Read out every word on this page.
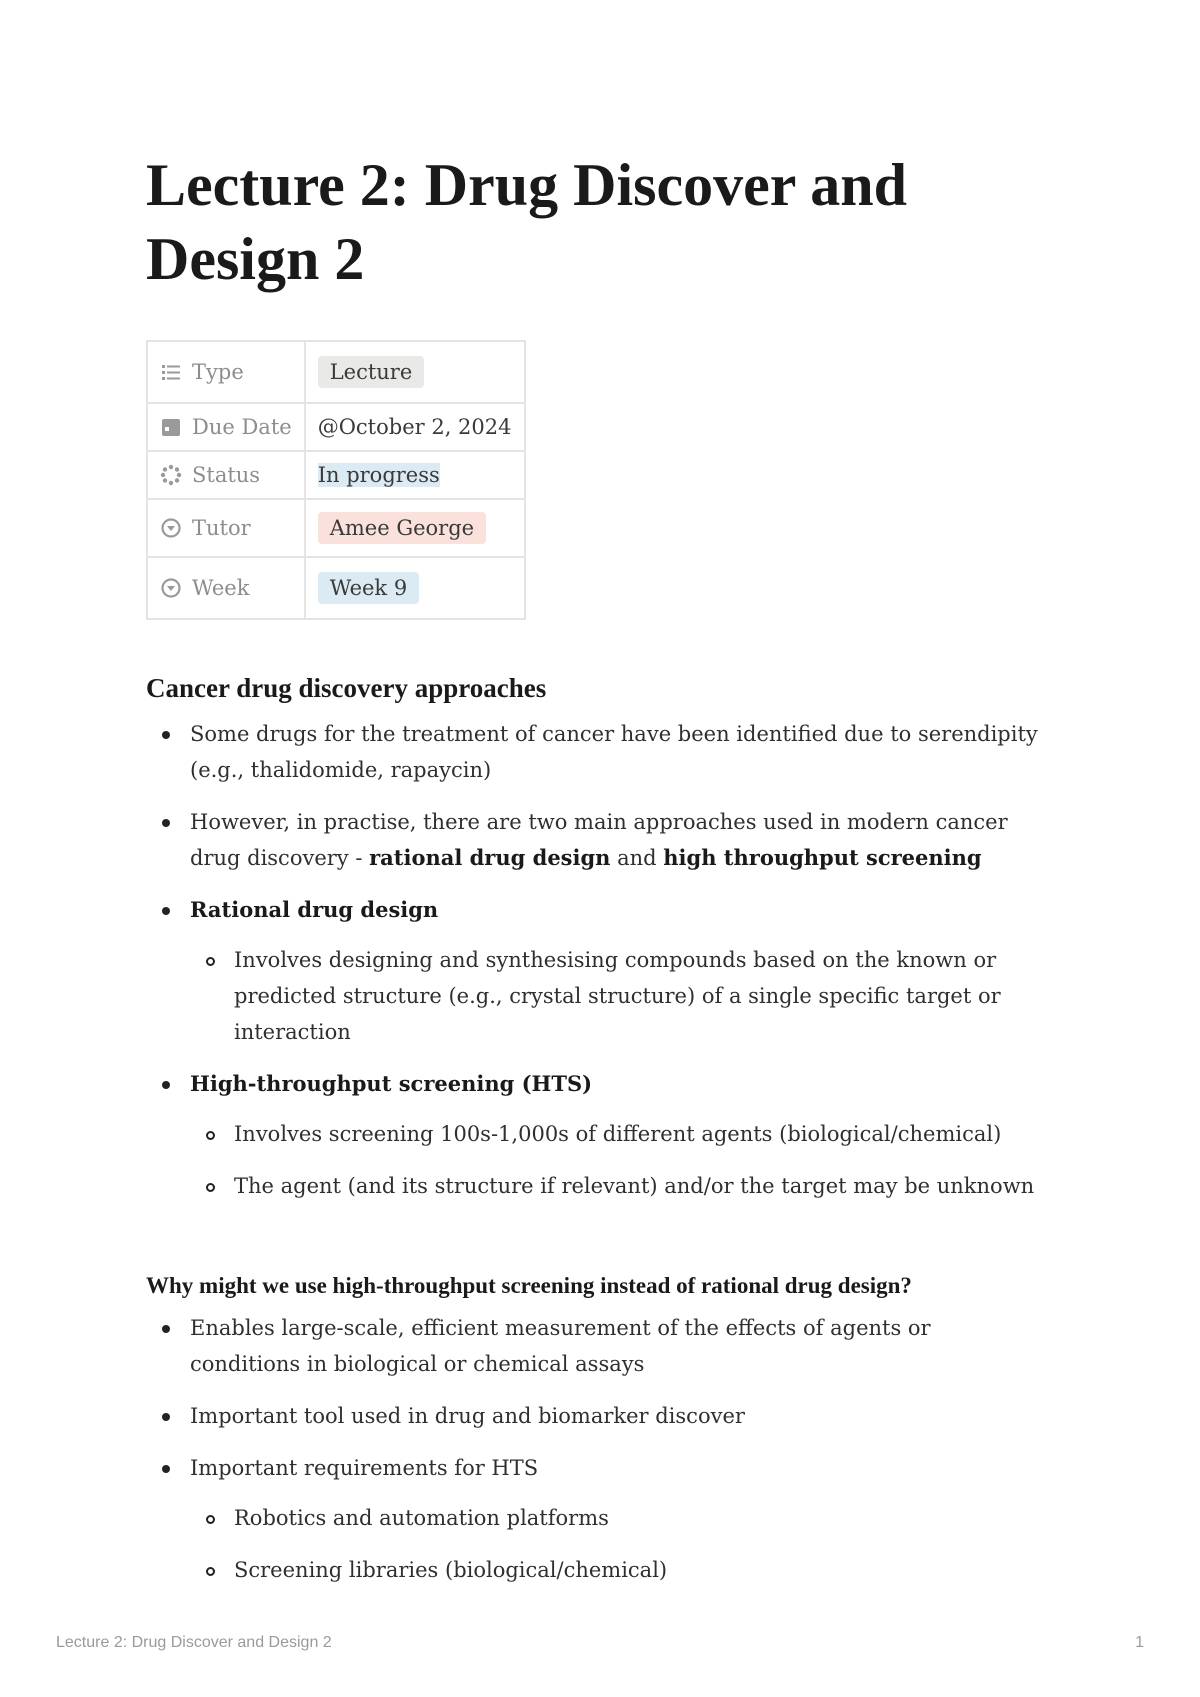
Lecture 2: Drug Discover and Design 2
Type	Lecture
Due Date	@October 2, 2024
Status	In progress
Tutor	Amee George
Week	Week 9
Cancer drug discovery approaches
Some drugs for the treatment of cancer have been identified due to serendipity (e.g., thalidomide, rapaycin)
However, in practise, there are two main approaches used in modern cancer drug discovery - rational drug design and high throughput screening
Rational drug design
Involves designing and synthesising compounds based on the known or predicted structure (e.g., crystal structure) of a single specific target or interaction
High-throughput screening (HTS)
Involves screening 100s-1,000s of different agents (biological/chemical)
The agent (and its structure if relevant) and/or the target may be unknown
Why might we use high-throughput screening instead of rational drug design?
Enables large-scale, efficient measurement of the effects of agents or conditions in biological or chemical assays
Important tool used in drug and biomarker discover
Important requirements for HTS
Robotics and automation platforms
Screening libraries (biological/chemical)
Lecture 2: Drug Discover and Design 2	1
